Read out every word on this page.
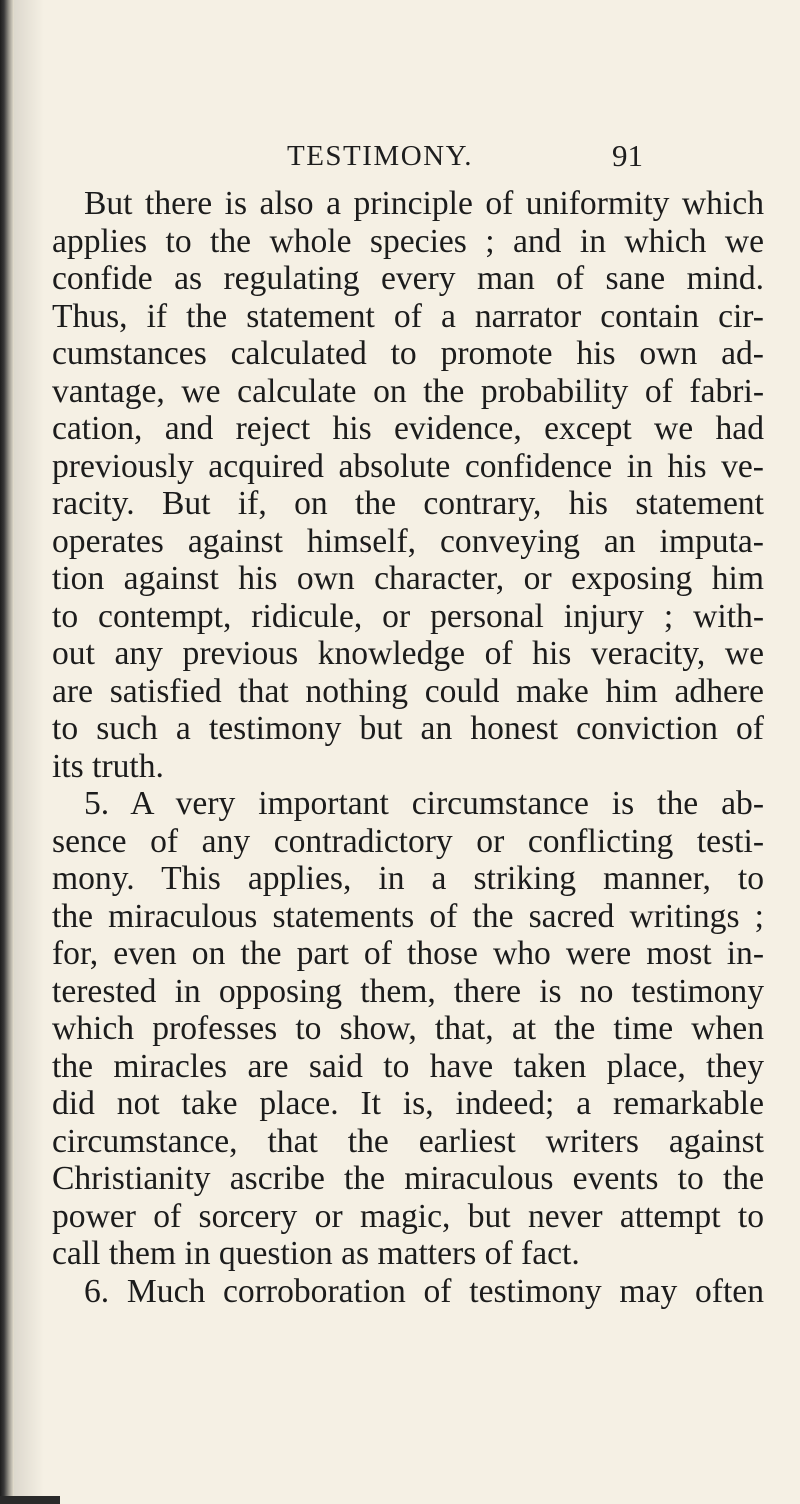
TESTIMONY.	91
But there is also a principle of uniformity which
applies to the whole species ; and in which we
confide as regulating every man of sane mind.
Thus, if the statement of a narrator contain cir-
cumstances calculated to promote his own ad-
vantage, we calculate on the probability of fabri-
cation, and reject his evidence, except we had
previously acquired absolute confidence in his ve-
racity. But if, on the contrary, his statement
operates against himself, conveying an imputa-
tion against his own character, or exposing him
to contempt, ridicule, or personal injury ; with-
out any previous knowledge of his veracity, we
are satisfied that nothing could make him adhere
to such a testimony but an honest conviction of
its truth.
5. A very important circumstance is the ab-
sence of any contradictory or conflicting testi-
mony. This applies, in a striking manner, to
the miraculous statements of the sacred writings ;
for, even on the part of those who were most in-
terested in opposing them, there is no testimony
which professes to show, that, at the time when
the miracles are said to have taken place, they
did not take place. It is, indeed; a remarkable
circumstance, that the earliest writers against
Christianity ascribe the miraculous events to the
power of sorcery or magic, but never attempt to
call them in question as matters of fact.
6. Much corroboration of testimony may often
